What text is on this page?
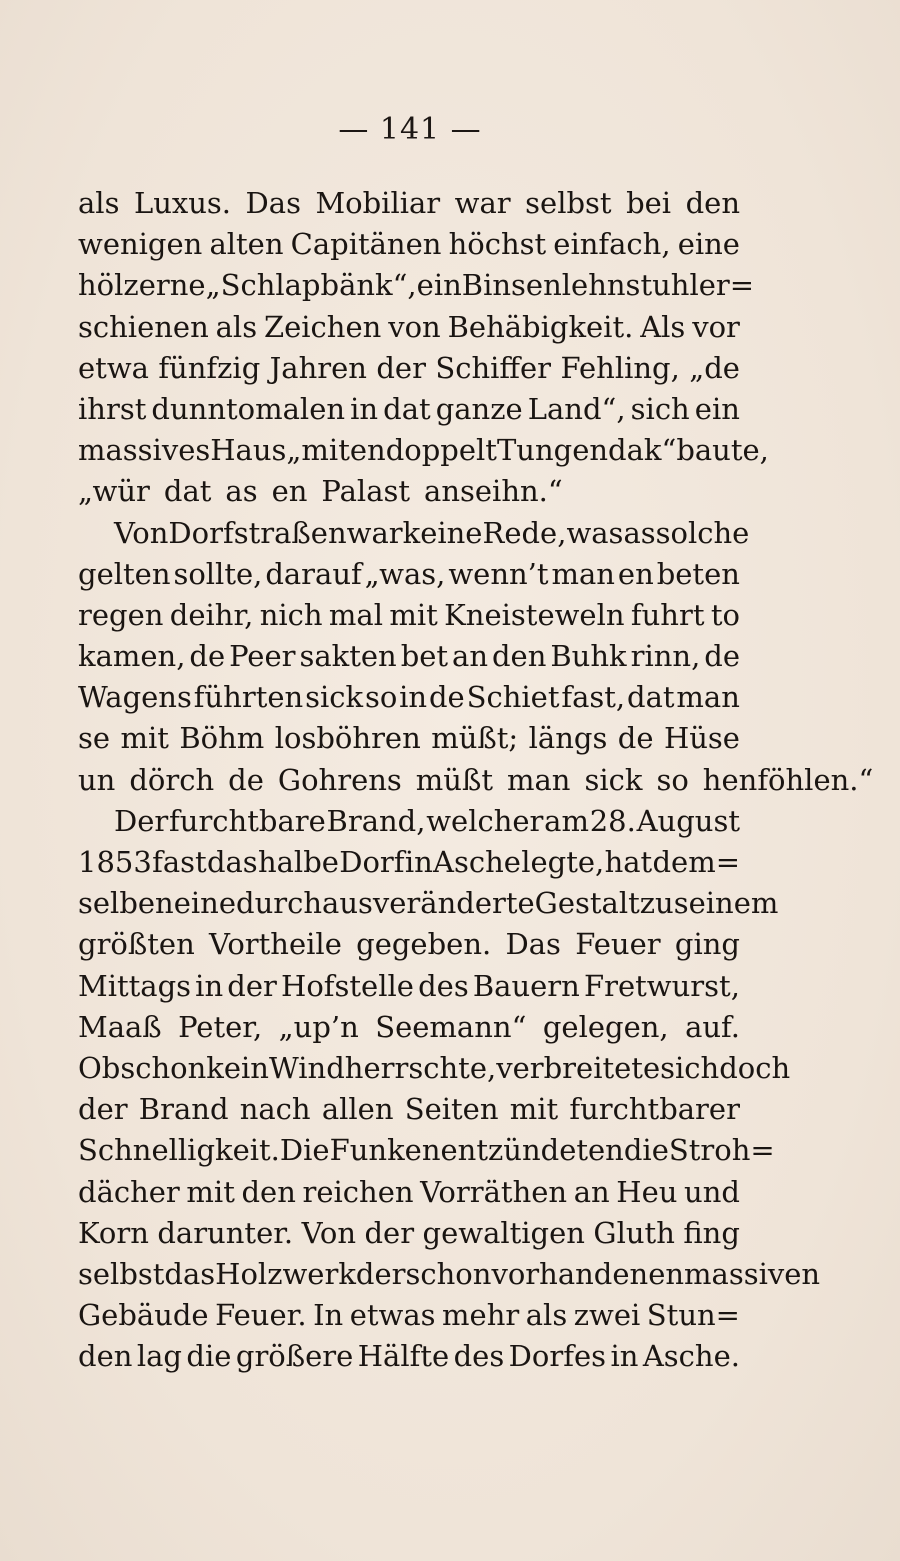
— 141 —
als Luxus. Das Mobiliar war selbst bei den
wenigen alten Capitänen höchst einfach, eine
hölzerne „Schlapbänk“, ein Binsenlehnstuhl er=
schienen als Zeichen von Behäbigkeit. Als vor
etwa fünfzig Jahren der Schiffer Fehling, „de
ihrst dunntomalen in dat ganze Land“, sich ein
massives Haus „mit en doppelt Tungendak“ baute,
„wür dat as en Palast anseihn.“
Von Dorfstraßen war keine Rede, was as solche
gelten sollte, darauf „was, wenn’t man en beten
regen deihr, nich mal mit Kneisteweln fuhrt to
kamen, de Peer sakten bet an den Buhk rinn, de
Wagens führten sick so in de Schiet fast, dat man
se mit Böhm losböhren müßt; längs de Hüse
un dörch de Gohrens müßt man sick so henföhlen.“
Der furchtbare Brand, welcher am 28. August
1853 fast das halbe Dorf in Asche legte, hat dem=
selben eine durchaus veränderte Gestalt zu seinem
größten Vortheile gegeben. Das Feuer ging
Mittags in der Hofstelle des Bauern Fretwurst,
Maaß Peter, „up’n Seemann“ gelegen, auf.
Obschon kein Wind herrschte, verbreitete sich doch
der Brand nach allen Seiten mit furchtbarer
Schnelligkeit. Die Funken entzündeten die Stroh=
dächer mit den reichen Vorräthen an Heu und
Korn darunter. Von der gewaltigen Gluth fing
selbst das Holzwerk der schon vorhandenen massiven
Gebäude Feuer. In etwas mehr als zwei Stun=
den lag die größere Hälfte des Dorfes in Asche.
